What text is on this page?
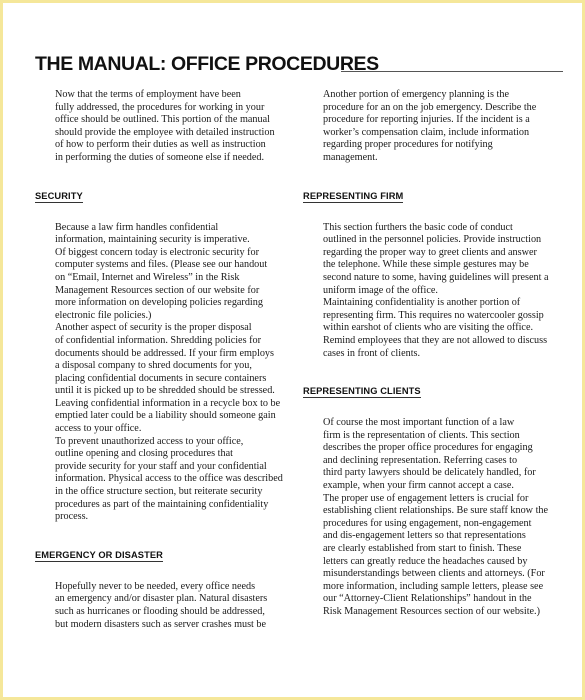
THE MANUAL: OFFICE PROCEDURES

Now that the terms of employment have been
fully addressed, the procedures for working in your
office should be outlined. This portion of the manual
should provide the employee with detailed instruction
of how to perform their duties as well as instruction
in performing the duties of someone else if needed.

SECURITY

Because a law firm handles confidential
information, maintaining security is imperative.
Of biggest concern today is electronic security for
computer systems and files. (Please see our handout
on “Email, Internet and Wireless” in the Risk
Management Resources section of our website for
more information on developing policies regarding
electronic file policies.)

Another aspect of security is the proper disposal
of confidential information. Shredding policies for
documents should be addressed. If your firm employs
a disposal company to shred documents for you,
placing confidential documents in secure containers
until it is picked up to be shredded should be stressed.
Leaving confidential information in a recycle box to be
emptied later could be a liability should someone gain
access to your office.

To prevent unauthorized access to your office,
outline opening and closing procedures that
provide security for your staff and your confidential
information. Physical access to the office was described
in the office structure section, but reiterate security
procedures as part of the maintaining confidentiality
process.

EMERGENCY OR DISASTER

Hopefully never to be needed, every office needs
an emergency and/or disaster plan. Natural disasters
such as hurricanes or flooding should be addressed,
but modern disasters such as server crashes must be

Another portion of emergency planning is the
procedure for an on the job emergency. Describe the
procedure for reporting injuries. If the incident is a
worker’s compensation claim, include information
regarding proper procedures for notifying
management.

REPRESENTING FIRM

This section furthers the basic code of conduct
outlined in the personnel policies. Provide instruction
regarding the proper way to greet clients and answer
the telephone. While these simple gestures may be
second nature to some, having guidelines will present a
uniform image of the office.

Maintaining confidentiality is another portion of
representing firm. This requires no watercooler gossip
within earshot of clients who are visiting the office.
Remind employees that they are not allowed to discuss
cases in front of clients.

REPRESENTING CLIENTS

Of course the most important function of a law
firm is the representation of clients. This section
describes the proper office procedures for engaging
and declining representation. Referring cases to
third party lawyers should be delicately handled, for
example, when your firm cannot accept a case.

The proper use of engagement letters is crucial for
establishing client relationships. Be sure staff know the
procedures for using engagement, non-engagement
and dis-engagement letters so that representations
are clearly established from start to finish. These
letters can greatly reduce the headaches caused by
misunderstandings between clients and attorneys. (For
more information, including sample letters, please see
our “Attorney-Client Relationships” handout in the
Risk Management Resources section of our website.)
